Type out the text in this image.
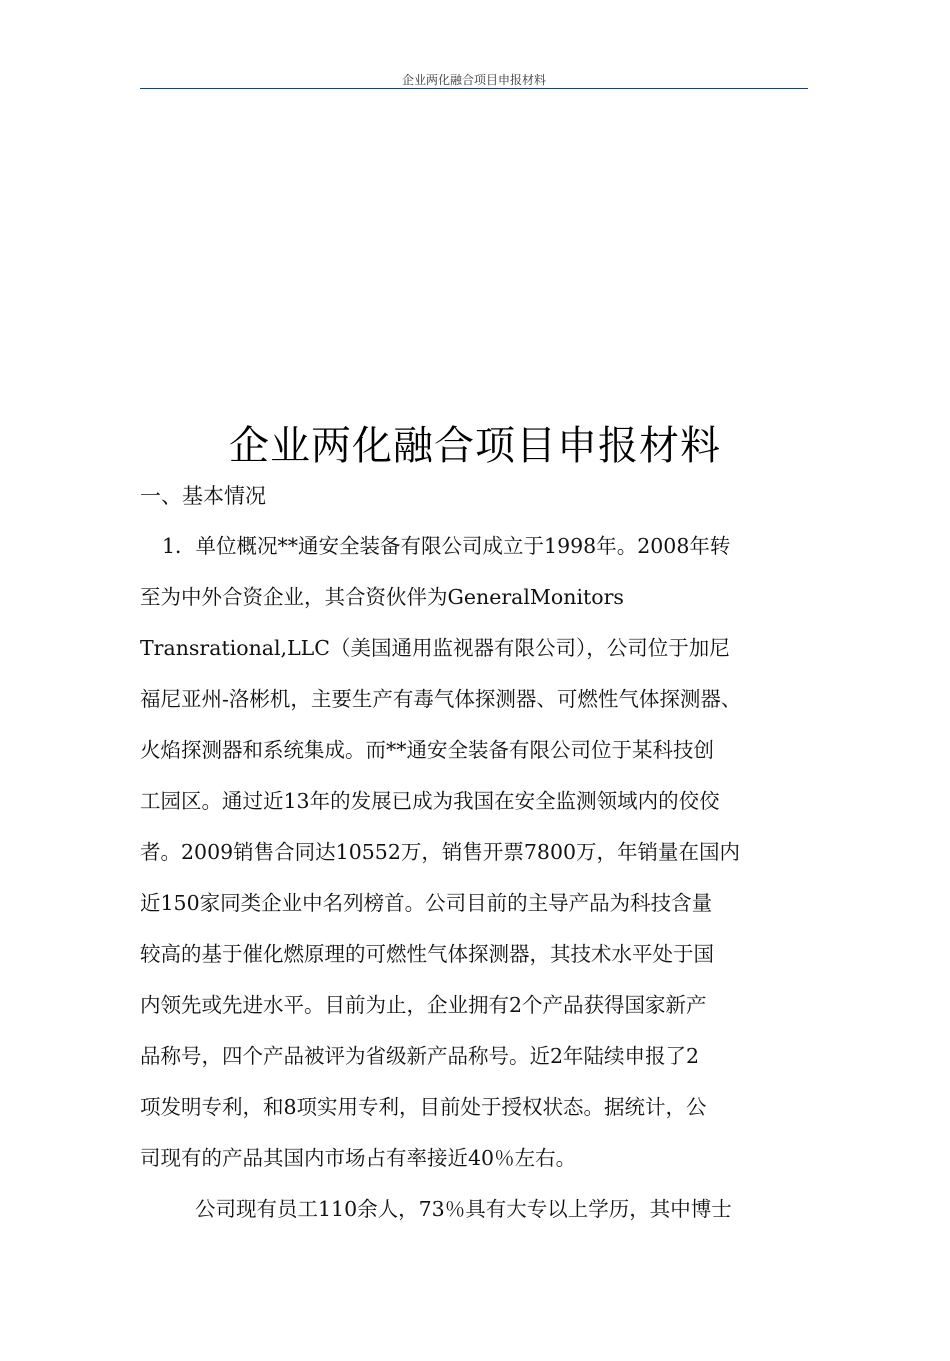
企业两化融合项目申报材料
企业两化融合项目申报材料
一、基本情况
1．单位概况**通安全装备有限公司成立于1998年。2008年转
至为中外合资企业，其合资伙伴为GeneralMonitors
Transrational,LLC（美国通用监视器有限公司），公司位于加尼
福尼亚州-洛彬机，主要生产有毒气体探测器、可燃性气体探测器、
火焰探测器和系统集成。而**通安全装备有限公司位于某科技创
工园区。通过近13年的发展已成为我国在安全监测领域内的佼佼
者。2009销售合同达10552万，销售开票7800万，年销量在国内
近150家同类企业中名列榜首。公司目前的主导产品为科技含量
较高的基于催化燃原理的可燃性气体探测器，其技术水平处于国
内领先或先进水平。目前为止，企业拥有2个产品获得国家新产
品称号，四个产品被评为省级新产品称号。近2年陆续申报了2
项发明专利，和8项实用专利，目前处于授权状态。据统计，公
司现有的产品其国内市场占有率接近40％左右。
公司现有员工110余人，73％具有大专以上学历，其中博士
